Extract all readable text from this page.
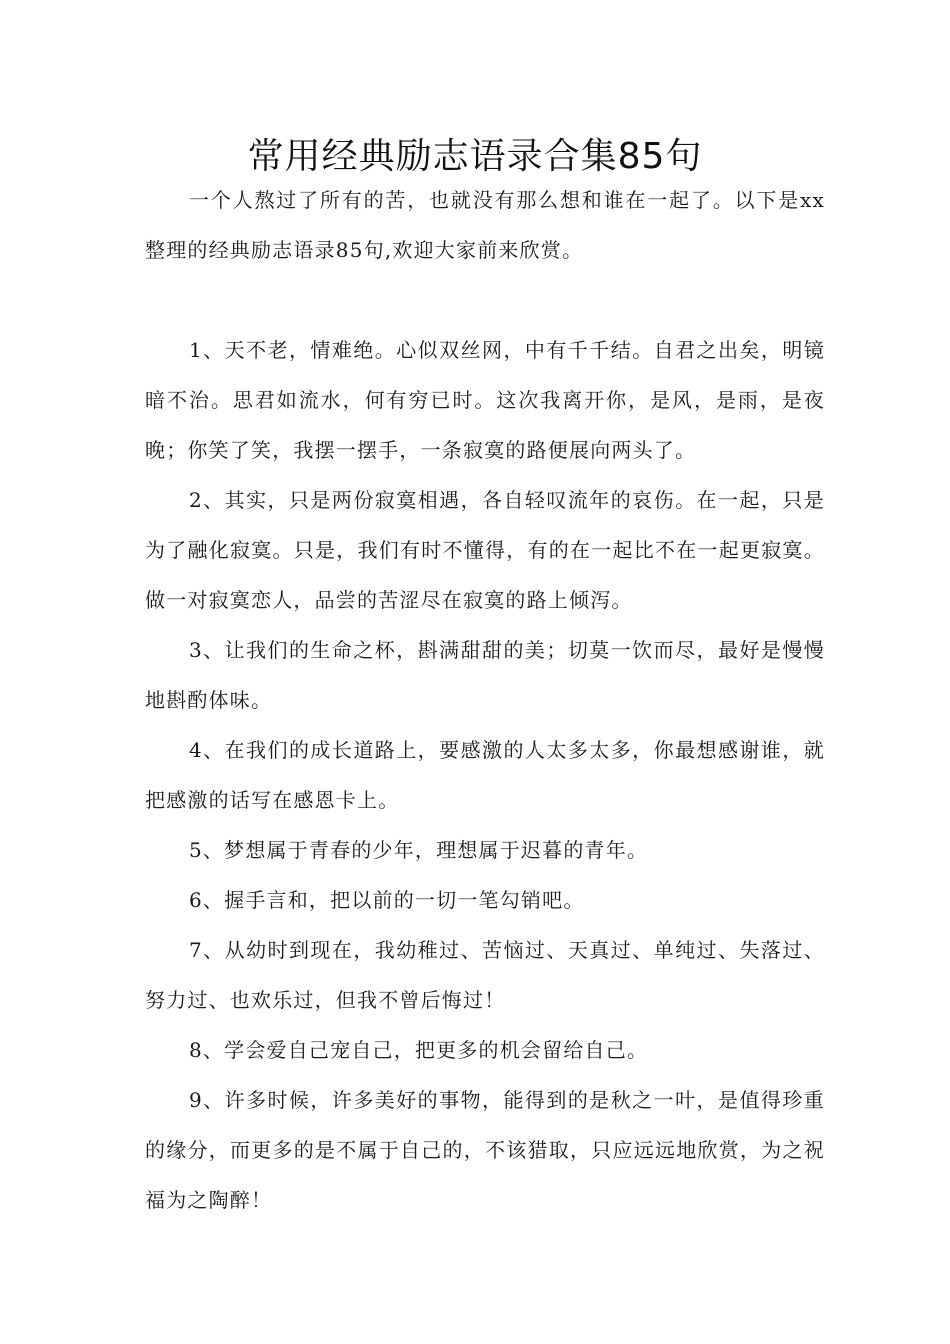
常用经典励志语录合集85句

一个人熬过了所有的苦，也就没有那么想和谁在一起了。以下是xx整理的经典励志语录85句,欢迎大家前来欣赏。

1、天不老，情难绝。心似双丝网，中有千千结。自君之出矣，明镜暗不治。思君如流水，何有穷已时。这次我离开你，是风，是雨，是夜晚；你笑了笑，我摆一摆手，一条寂寞的路便展向两头了。

2、其实，只是两份寂寞相遇，各自轻叹流年的哀伤。在一起，只是为了融化寂寞。只是，我们有时不懂得，有的在一起比不在一起更寂寞。做一对寂寞恋人，品尝的苦涩尽在寂寞的路上倾泻。

3、让我们的生命之杯，斟满甜甜的美；切莫一饮而尽，最好是慢慢地斟酌体味。

4、在我们的成长道路上，要感激的人太多太多，你最想感谢谁，就把感激的话写在感恩卡上。

5、梦想属于青春的少年，理想属于迟暮的青年。

6、握手言和，把以前的一切一笔勾销吧。

7、从幼时到现在，我幼稚过、苦恼过、天真过、单纯过、失落过、努力过、也欢乐过，但我不曾后悔过！

8、学会爱自己宠自己，把更多的机会留给自己。

9、许多时候，许多美好的事物，能得到的是秋之一叶，是值得珍重的缘分，而更多的是不属于自己的，不该猎取，只应远远地欣赏，为之祝福为之陶醉！
